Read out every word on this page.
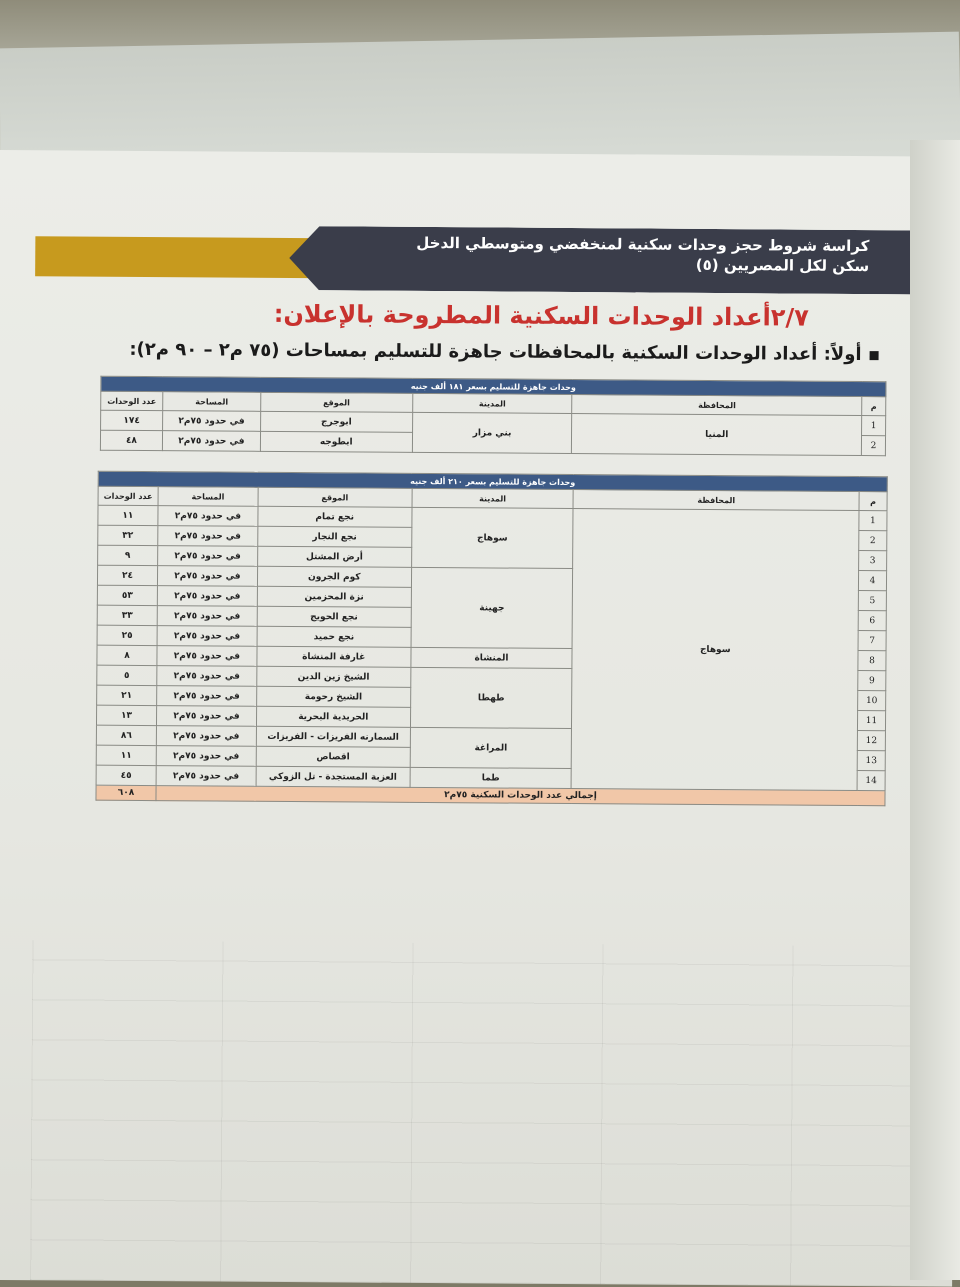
كراسة شروط حجز وحدات سكنية لمنخفضي ومتوسطي الدخل
سكن لكل المصريين (٥)
٢/٧أعداد الوحدات السكنية المطروحة بالإعلان:
أولاً: أعداد الوحدات السكنية بالمحافظات جاهزة للتسليم بمساحات (٧٥ م٢ – ٩٠ م٢):
وحدات جاهزة للتسليم بسعر ١٨١ ألف جنيه					
م	المحافظة	المدينة	الموقع	المساحة	عدد الوحدات
1	المنيا	بني مزار	ابوجرج	في حدود ٧٥م٢	١٧٤
2			ابطوجه	في حدود ٧٥م٢	٤٨
وحدات جاهزة للتسليم بسعر ٢١٠ ألف جنيه					
م	المحافظة	المدينة	الموقع	المساحة	عدد الوحدات
1	سوهاج	سوهاج	نجع تمام	في حدود ٧٥م٢	١١
2			نجع النجار	في حدود ٧٥م٢	٣٢
3			أرض المشتل	في حدود ٧٥م٢	٩
4		جهينة	كوم الجرون	في حدود ٧٥م٢	٢٤
5			نزة المحزمين	في حدود ٧٥م٢	٥٣
6			نجع الحويج	في حدود ٧٥م٢	٣٣
7			نجع حميد	في حدود ٧٥م٢	٢٥
8		المنشاة	غارفة المنشاة	في حدود ٧٥م٢	٨
9		طهطا	الشيخ زين الدين	في حدود ٧٥م٢	٥
10			الشيخ رحومة	في حدود ٧٥م٢	٢١
11			الحريدية البحرية	في حدود ٧٥م٢	١٣
12		المراغة	السمارنه الفريزات - الفريزات	في حدود ٧٥م٢	٨٦
13			اقصاص	في حدود ٧٥م٢	١١
14		طما	العزبة المستجدة - تل الزوكي	في حدود ٧٥م٢	٤٥
إجمالي عدد الوحدات السكنية ٧٥م٢					٦٠٨
